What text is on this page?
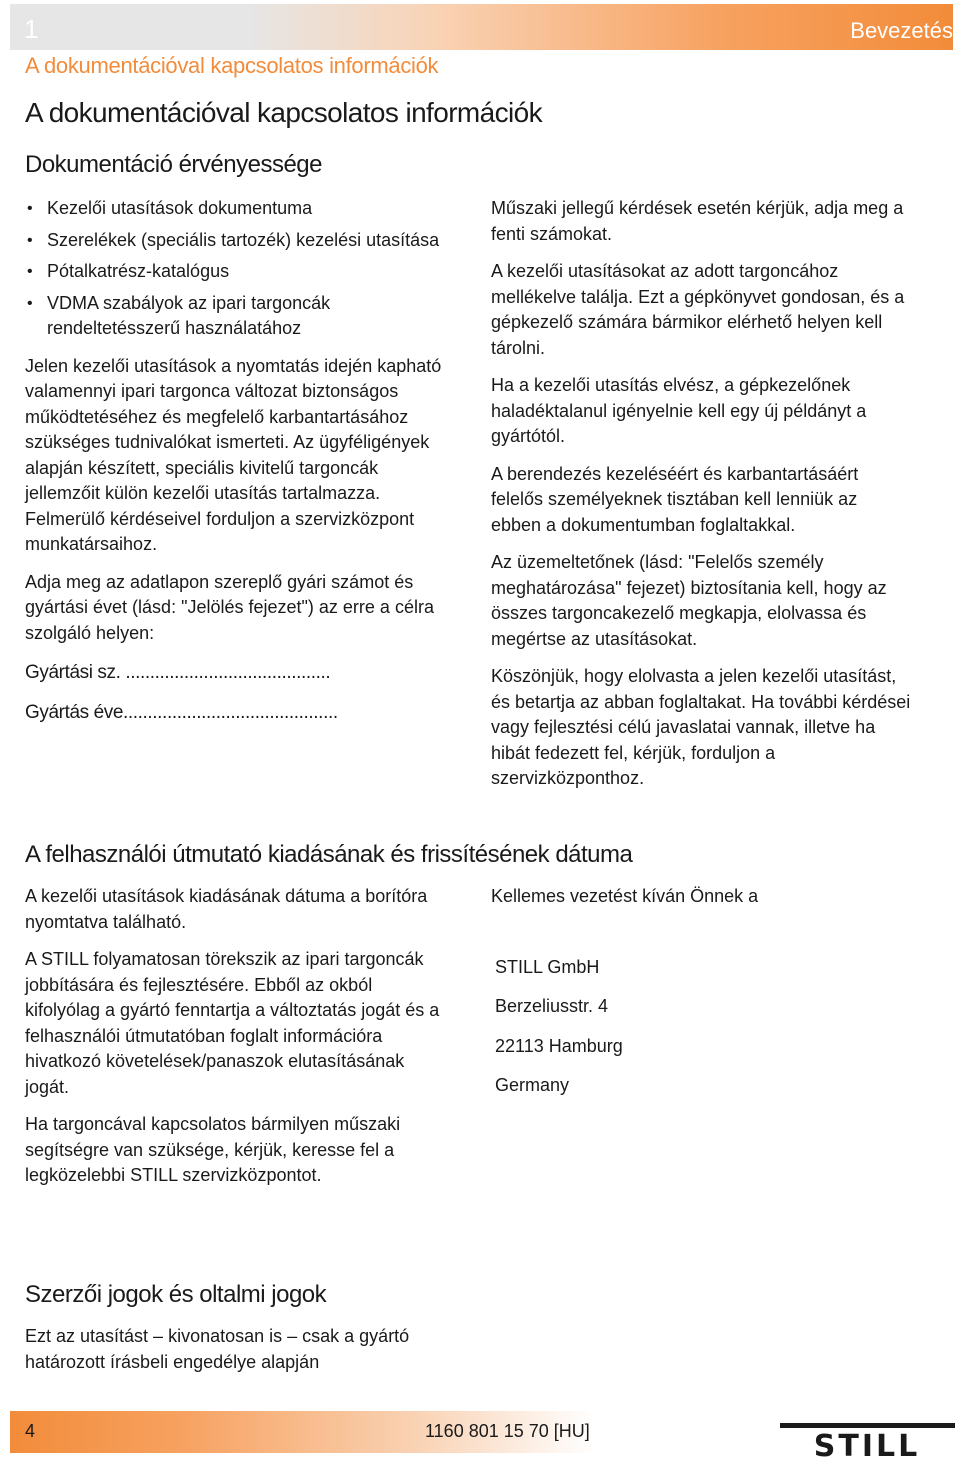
1	Bevezetés
A dokumentációval kapcsolatos információk
A dokumentációval kapcsolatos információk
Dokumentáció érvényessége
• Kezelői utasítások dokumentuma
• Szerelékek (speciális tartozék) kezelési utasítása
• Pótalkatrész-katalógus
• VDMA szabályok az ipari targoncák rendeltetésszerű használatához

Jelen kezelői utasítások a nyomtatás idején kapható valamennyi ipari targonca változat biztonságos működtetéséhez és megfelelő karbantartásához szükséges tudnivalókat ismerteti. Az ügyféligények alapján készített, speciális kivitelű targoncák jellemzőit külön kezelői utasítás tartalmazza. Felmerülő kérdéseivel forduljon a szervizközpont munkatársaihoz.

Adja meg az adatlapon szereplő gyári számot és gyártási évet (lásd: "Jelölés fejezet") az erre a célra szolgáló helyen:

Gyártási sz. ..........................................
Gyártás éve............................................

Műszaki jellegű kérdések esetén kérjük, adja meg a fenti számokat.

A kezelői utasításokat az adott targoncához mellékelve találja. Ezt a gépkönyvet gondosan, és a gépkezelő számára bármikor elérhető helyen kell tárolni.

Ha a kezelői utasítás elvész, a gépkezelőnek haladéktalanul igényelnie kell egy új példányt a gyártótól.

A berendezés kezeléséért és karbantartásáért felelős személyeknek tisztában kell lenniük az ebben a dokumentumban foglaltakkal.

Az üzemeltetőnek (lásd: "Felelős személy meghatározása" fejezet) biztosítania kell, hogy az összes targoncakezelő megkapja, elolvassa és megértse az utasításokat.

Köszönjük, hogy elolvasta a jelen kezelői utasítást, és betartja az abban foglaltakat. Ha további kérdései vagy fejlesztési célú javaslatai vannak, illetve ha hibát fedezett fel, kérjük, forduljon a szervizközponthoz.

A felhasználói útmutató kiadásának és frissítésének dátuma

A kezelői utasítások kiadásának dátuma a borítóra nyomtatva található.

A STILL folyamatosan törekszik az ipari targoncák jobbítására és fejlesztésére. Ebből az okból kifolyólag a gyártó fenntartja a változtatás jogát és a felhasználói útmutatóban foglalt információra hivatkozó követelések/panaszok elutasításának jogát.

Ha targoncával kapcsolatos bármilyen műszaki segítségre van szüksége, kérjük, keresse fel a legközelebbi STILL szervizközpontot.

Kellemes vezetést kíván Önnek a

STILL GmbH

Berzeliusstr. 4

22113 Hamburg

Germany

Szerzői jogok és oltalmi jogok
Ezt az utasítást – kivonatosan is – csak a gyártó határozott írásbeli engedélye alapján
4	1160 801 15 70 [HU]	STILL
